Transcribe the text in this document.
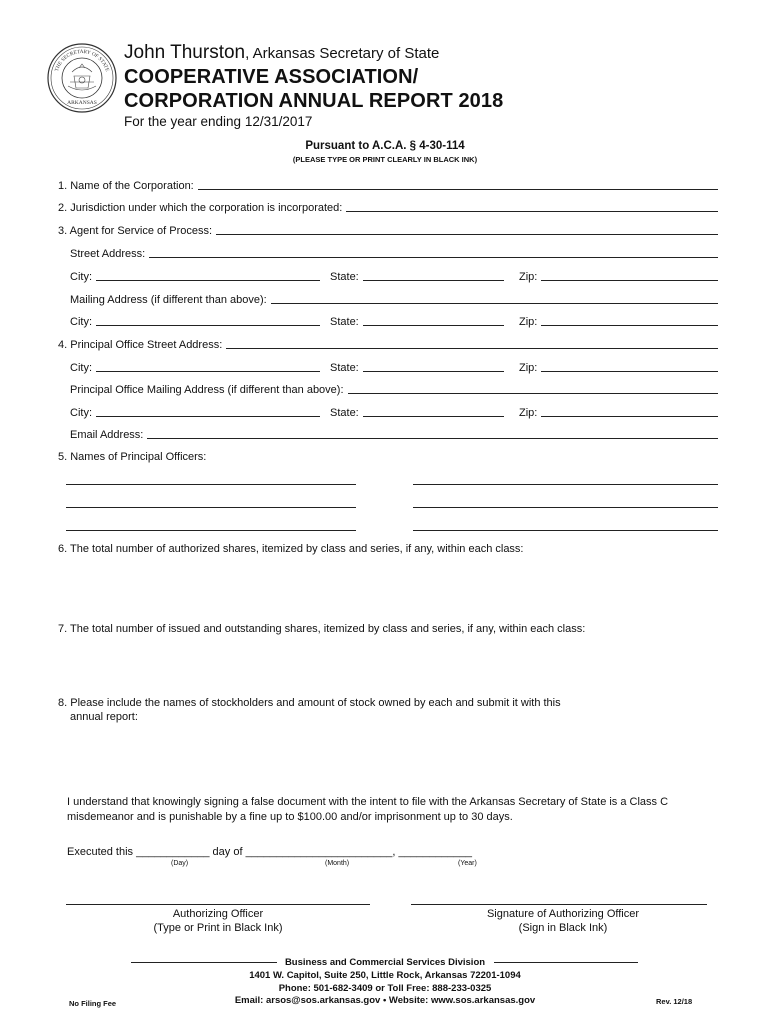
THE SECRETARY OF STATE
ARKANSAS
John Thurston, Arkansas Secretary of State
COOPERATIVE ASSOCIATION/
CORPORATION ANNUAL REPORT 2018
For the year ending 12/31/2017
Pursuant to A.C.A. § 4-30-114
(PLEASE TYPE OR PRINT CLEARLY IN BLACK INK)
1. Name of the Corporation:
2. Jurisdiction under which the corporation is incorporated:
3. Agent for Service of Process:
Street Address:
City:	State:	Zip:
Mailing Address (if different than above):
City:	State:	Zip:
4. Principal Office Street Address:
City:	State:	Zip:
Principal Office Mailing Address (if different than above):
City:	State:	Zip:
Email Address:
5. Names of Principal Officers:
6. The total number of authorized shares, itemized by class and series, if any, within each class:
7. The total number of issued and outstanding shares, itemized by class and series, if any, within each class:
8. Please include the names of stockholders and amount of stock owned by each and submit it with this
annual report:
I understand that knowingly signing a false document with the intent to file with the Arkansas Secretary of State is a Class C misdemeanor and is punishable by a fine up to $100.00 and/or imprisonment up to 30 days.
Executed this ____________ day of ________________________, ____________
(Day)	(Month)	(Year)
Authorizing Officer
(Type or Print in Black Ink)
Signature of Authorizing Officer
(Sign in Black Ink)
Business and Commercial Services Division
1401 W. Capitol, Suite 250, Little Rock, Arkansas 72201-1094
Phone: 501-682-3409 or Toll Free: 888-233-0325
Email: arsos@sos.arkansas.gov • Website: www.sos.arkansas.gov
No Filing Fee	Rev. 12/18
